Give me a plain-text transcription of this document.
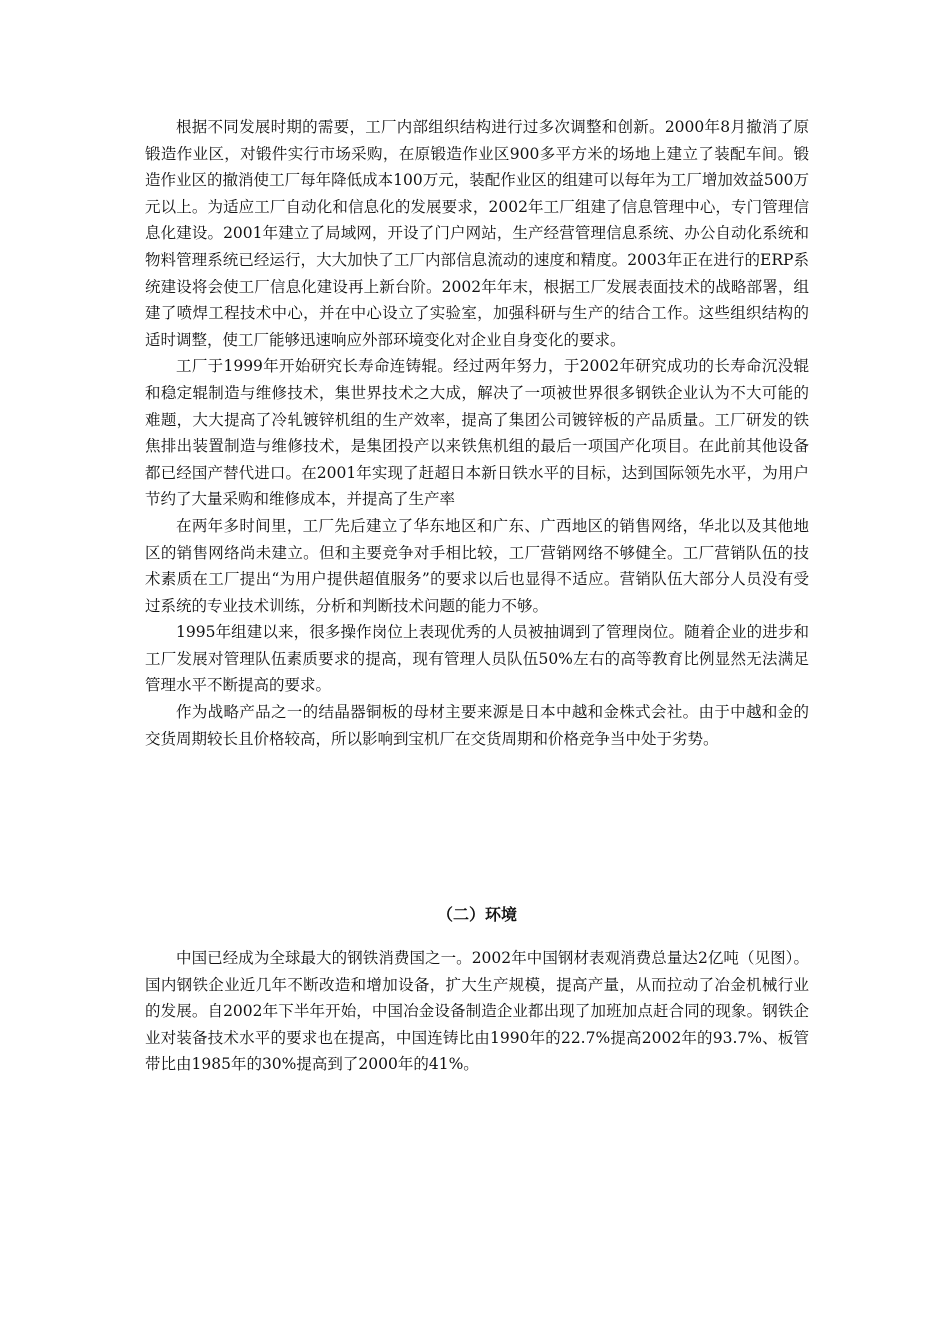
根据不同发展时期的需要，工厂内部组织结构进行过多次调整和创新。2000年8月撤消了原锻造作业区，对锻件实行市场采购，在原锻造作业区900多平方米的场地上建立了装配车间。锻造作业区的撤消使工厂每年降低成本100万元，装配作业区的组建可以每年为工厂增加效益500万元以上。为适应工厂自动化和信息化的发展要求，2002年工厂组建了信息管理中心，专门管理信息化建设。2001年建立了局域网，开设了门户网站，生产经营管理信息系统、办公自动化系统和物料管理系统已经运行，大大加快了工厂内部信息流动的速度和精度。2003年正在进行的ERP系统建设将会使工厂信息化建设再上新台阶。2002年年末，根据工厂发展表面技术的战略部署，组建了喷焊工程技术中心，并在中心设立了实验室，加强科研与生产的结合工作。这些组织结构的适时调整，使工厂能够迅速响应外部环境变化对企业自身变化的要求。

工厂于1999年开始研究长寿命连铸辊。经过两年努力，于2002年研究成功的长寿命沉没辊和稳定辊制造与维修技术，集世界技术之大成，解决了一项被世界很多钢铁企业认为不大可能的难题，大大提高了冷轧镀锌机组的生产效率，提高了集团公司镀锌板的产品质量。工厂研发的铁焦排出装置制造与维修技术，是集团投产以来铁焦机组的最后一项国产化项目。在此前其他设备都已经国产替代进口。在2001年实现了赶超日本新日铁水平的目标，达到国际领先水平，为用户节约了大量采购和维修成本，并提高了生产率

在两年多时间里，工厂先后建立了华东地区和广东、广西地区的销售网络，华北以及其他地区的销售网络尚未建立。但和主要竞争对手相比较，工厂营销网络不够健全。工厂营销队伍的技术素质在工厂提出“为用户提供超值服务”的要求以后也显得不适应。营销队伍大部分人员没有受过系统的专业技术训练，分析和判断技术问题的能力不够。

1995年组建以来，很多操作岗位上表现优秀的人员被抽调到了管理岗位。随着企业的进步和工厂发展对管理队伍素质要求的提高，现有管理人员队伍50%左右的高等教育比例显然无法满足管理水平不断提高的要求。

作为战略产品之一的结晶器铜板的母材主要来源是日本中越和金株式会社。由于中越和金的交货周期较长且价格较高，所以影响到宝机厂在交货周期和价格竞争当中处于劣势。

（二）环境

中国已经成为全球最大的钢铁消费国之一。2002年中国钢材表观消费总量达2亿吨（见图）。国内钢铁企业近几年不断改造和增加设备，扩大生产规模，提高产量，从而拉动了冶金机械行业的发展。自2002年下半年开始，中国冶金设备制造企业都出现了加班加点赶合同的现象。钢铁企业对装备技术水平的要求也在提高，中国连铸比由1990年的22.7%提高2002年的93.7%、板管带比由1985年的30%提高到了2000年的41%。
